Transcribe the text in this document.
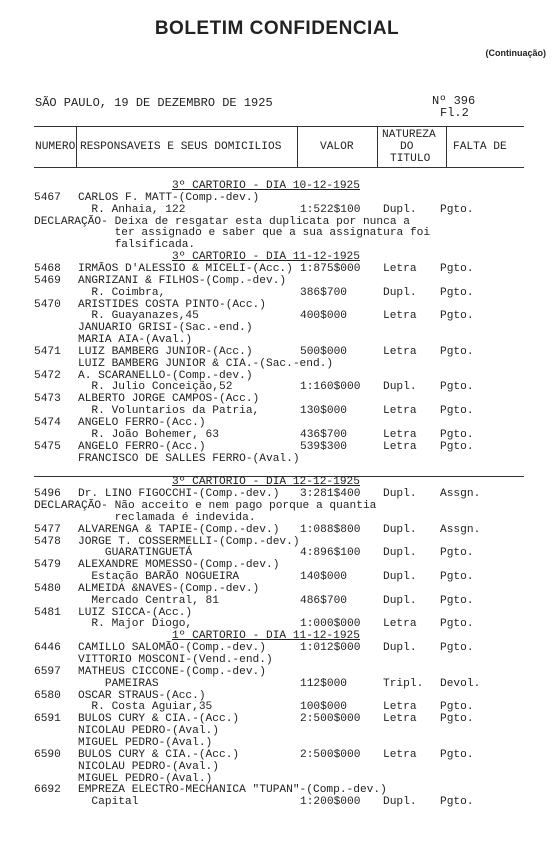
BOLETIM CONFIDENCIAL
(Continuação)
SÃO PAULO, 19 DE DEZEMBRO DE 1925	Nº 396
Fl.2
NUMERO RESPONSAVEIS E SEUS DOMICILIOS	VALOR
NATUREZA
DO
TITULO
FALTA DE
3º CARTORIO - DIA 10-12-1925
5467 CARLOS F. MATT-(Comp.-dev.)
R. Anhaia, 122	1:522$100 Dupl. Pgto.
DECLARAÇÃO- Deixa de resgatar esta duplicata por nunca a
ter assignado e saber que a sua assignatura foi
falsificada.
3º CARTORIO - DIA 11-12-1925
5468 IRMÃOS D'ALESSIO & MICELI-(Acc.) 1:875$000 Letra Pgto.
5469 ANGRIZANI & FILHOS-(Comp.-dev.)
R. Coimbra,	386$700	Dupl. Pgto.
5470 ARISTIDES COSTA PINTO-(Acc.)
R. Guayanazes,45	400$000	Letra Pgto.
JANUARIO GRISI-(Sac.-end.)
MARIA AIA-(Aval.)
5471 LUIZ BAMBERG JUNIOR-(Acc.)	500$000	Letra Pgto.
LUIZ BAMBERG JUNIOR & CIA.-(Sac.-end.)
5472 A. SCARANELLO-(Comp.-dev.)
R. Julio Conceição,52	1:160$000 Dupl. Pgto.
5473 ALBERTO JORGE CAMPOS-(Acc.)
R. Voluntarios da Patria,	130$000	Letra Pgto.
5474 ANGELO FERRO-(Acc.)
R. João Bohemer, 63	436$700	Letra Pgto.
5475 ANGELO FERRO-(Acc.)	539$300	Letra Pgto.
FRANCISCO DE SALLES FERRO-(Aval.)
3º CARTORIO - DIA 12-12-1925
5496 Dr. LINO FIGOCCHI-(Comp.-dev.) 3:281$400 Dupl. Assgn.
DECLARAÇÃO- Não acceito e nem pago porque a quantia
reclamada é indevida.
5477 ALVARENGA & TAPIE-(Comp.-dev.) 1:088$800 Dupl. Assgn.
5478 JORGE T. COSSERMELLI-(Comp.-dev.)
GUARATINGUETÁ	4:896$100 Dupl. Pgto.
5479 ALEXANDRE MOMESSO-(Comp.-dev.)
Estação BARÃO NOGUEIRA	140$000	Dupl. Pgto.
5480 ALMEIDA &NAVES-(Comp.-dev.)
Mercado Central, 81	486$700	Dupl. Pgto.
5481 LUIZ SICCA-(Acc.)
R. Major Diogo,	1:000$000 Letra Pgto.
1º CARTORIO - DIA 11-12-1925
6446 CAMILLO SALOMÃO-(Comp.-dev.)	1:012$000 Dupl. Pgto.
VITTORIO MOSCONI-(Vend.-end.)
6597 MATHEUS CICCONE-(Comp.-dev.)
PAMEIRAS	112$000	Tripl. Devol.
6580 OSCAR STRAUS-(Acc.)
R. Costa Aguiar,35	100$000	Letra Pgto.
6591 BULOS CURY & CIA.-(Acc.)	2:500$000 Letra Pgto.
NICOLAU PEDRO-(Aval.)
MIGUEL PEDRO-(Aval.)
6590 BULOS CURY & CIA.-(Acc.)	2:500$000 Letra Pgto.
NICOLAU PEDRO-(Aval.)
MIGUEL PEDRO-(Aval.)
6692 EMPREZA ELECTRO-MECHANICA "TUPAN"-(Comp.-dev.)
Capital	1:200$000 Dupl. Pgto.
